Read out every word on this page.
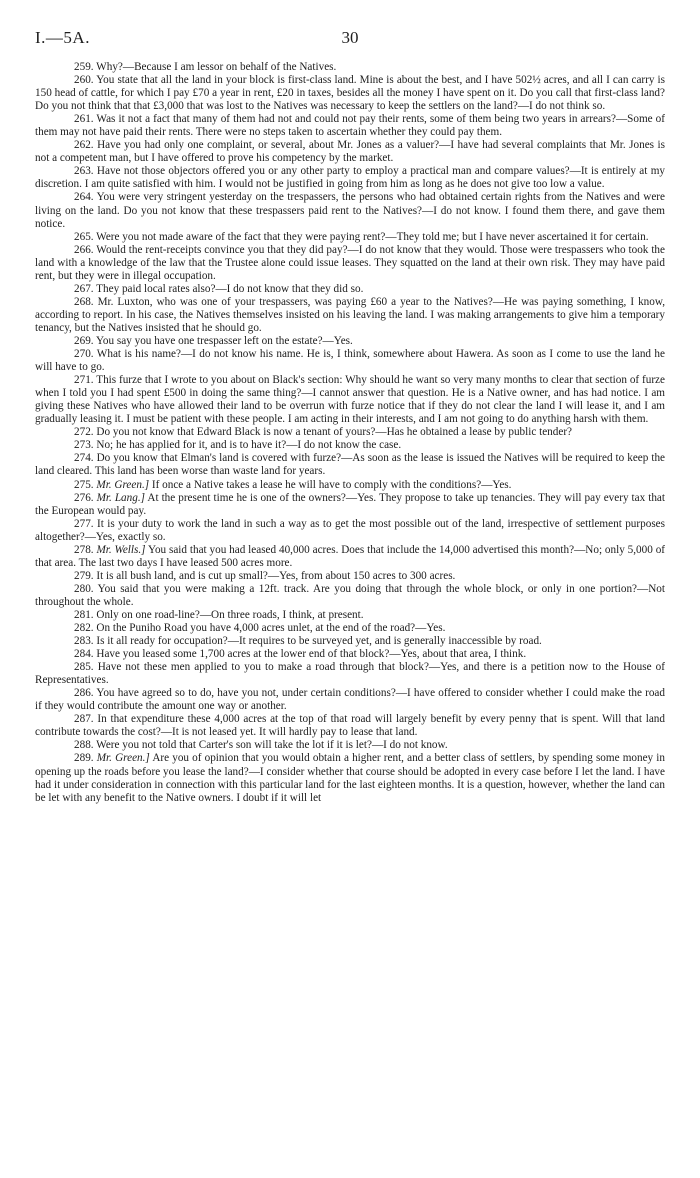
I.—5A.	30

259. Why?—Because I am lessor on behalf of the Natives.

260. You state that all the land in your block is first-class land. Mine is about the best, and I have 502½ acres, and all I can carry is 150 head of cattle, for which I pay £70 a year in rent, £20 in taxes, besides all the money I have spent on it. Do you call that first-class land? Do you not think that that £3,000 that was lost to the Natives was necessary to keep the settlers on the land?—I do not think so.

261. Was it not a fact that many of them had not and could not pay their rents, some of them being two years in arrears?—Some of them may not have paid their rents. There were no steps taken to ascertain whether they could pay them.

262. Have you had only one complaint, or several, about Mr. Jones as a valuer?—I have had several complaints that Mr. Jones is not a competent man, but I have offered to prove his competency by the market.

263. Have not those objectors offered you or any other party to employ a practical man and compare values?—It is entirely at my discretion. I am quite satisfied with him. I would not be justified in going from him as long as he does not give too low a value.

264. You were very stringent yesterday on the trespassers, the persons who had obtained certain rights from the Natives and were living on the land. Do you not know that these trespassers paid rent to the Natives?—I do not know. I found them there, and gave them notice.

265. Were you not made aware of the fact that they were paying rent?—They told me; but I have never ascertained it for certain.

266. Would the rent-receipts convince you that they did pay?—I do not know that they would. Those were trespassers who took the land with a knowledge of the law that the Trustee alone could issue leases. They squatted on the land at their own risk. They may have paid rent, but they were in illegal occupation.

267. They paid local rates also?—I do not know that they did so.

268. Mr. Luxton, who was one of your trespassers, was paying £60 a year to the Natives?—He was paying something, I know, according to report. In his case, the Natives themselves insisted on his leaving the land. I was making arrangements to give him a temporary tenancy, but the Natives insisted that he should go.

269. You say you have one trespasser left on the estate?—Yes.

270. What is his name?—I do not know his name. He is, I think, somewhere about Hawera. As soon as I come to use the land he will have to go.

271. This furze that I wrote to you about on Black's section: Why should he want so very many months to clear that section of furze when I told you I had spent £500 in doing the same thing?—I cannot answer that question. He is a Native owner, and has had notice. I am giving these Natives who have allowed their land to be overrun with furze notice that if they do not clear the land I will lease it, and I am gradually leasing it. I must be patient with these people. I am acting in their interests, and I am not going to do anything harsh with them.

272. Do you not know that Edward Black is now a tenant of yours?—Has he obtained a lease by public tender?

273. No; he has applied for it, and is to have it?—I do not know the case.

274. Do you know that Elman's land is covered with furze?—As soon as the lease is issued the Natives will be required to keep the land cleared. This land has been worse than waste land for years.

275. Mr. Green.] If once a Native takes a lease he will have to comply with the conditions?—Yes.

276. Mr. Lang.] At the present time he is one of the owners?—Yes. They propose to take up tenancies. They will pay every tax that the European would pay.

277. It is your duty to work the land in such a way as to get the most possible out of the land, irrespective of settlement purposes altogether?—Yes, exactly so.

278. Mr. Wells.] You said that you had leased 40,000 acres. Does that include the 14,000 advertised this month?—No; only 5,000 of that area. The last two days I have leased 500 acres more.

279. It is all bush land, and is cut up small?—Yes, from about 150 acres to 300 acres.

280. You said that you were making a 12ft. track. Are you doing that through the whole block, or only in one portion?—Not throughout the whole.

281. Only on one road-line?—On three roads, I think, at present.

282. On the Puniho Road you have 4,000 acres unlet, at the end of the road?—Yes.

283. Is it all ready for occupation?—It requires to be surveyed yet, and is generally inaccessible by road.

284. Have you leased some 1,700 acres at the lower end of that block?—Yes, about that area, I think.

285. Have not these men applied to you to make a road through that block?—Yes, and there is a petition now to the House of Representatives.

286. You have agreed so to do, have you not, under certain conditions?—I have offered to consider whether I could make the road if they would contribute the amount one way or another.

287. In that expenditure these 4,000 acres at the top of that road will largely benefit by every penny that is spent. Will that land contribute towards the cost?—It is not leased yet. It will hardly pay to lease that land.

288. Were you not told that Carter's son will take the lot if it is let?—I do not know.

289. Mr. Green.] Are you of opinion that you would obtain a higher rent, and a better class of settlers, by spending some money in opening up the roads before you lease the land?—I consider whether that course should be adopted in every case before I let the land. I have had it under consideration in connection with this particular land for the last eighteen months. It is a question, however, whether the land can be let with any benefit to the Native owners. I doubt if it will let
